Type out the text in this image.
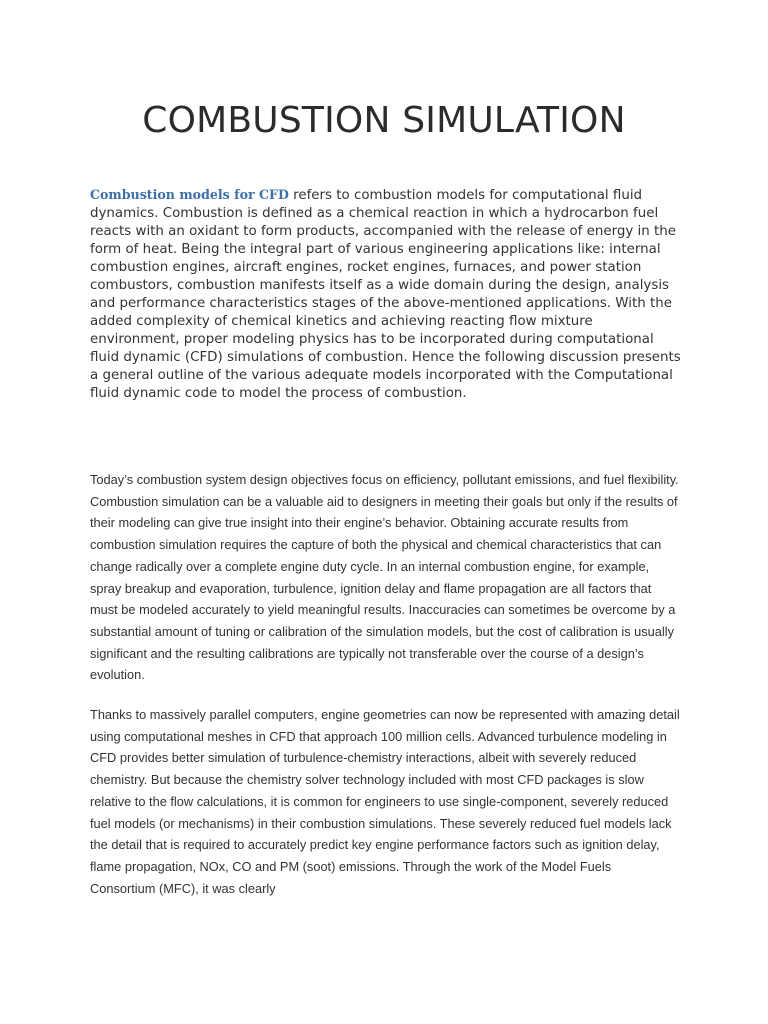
COMBUSTION SIMULATION

Combustion models for CFD refers to combustion models for computational fluid dynamics. Combustion is defined as a chemical reaction in which a hydrocarbon fuel reacts with an oxidant to form products, accompanied with the release of energy in the form of heat. Being the integral part of various engineering applications like: internal combustion engines, aircraft engines, rocket engines, furnaces, and power station combustors, combustion manifests itself as a wide domain during the design, analysis and performance characteristics stages of the above-mentioned applications. With the added complexity of chemical kinetics and achieving reacting flow mixture environment, proper modeling physics has to be incorporated during computational fluid dynamic (CFD) simulations of combustion. Hence the following discussion presents a general outline of the various adequate models incorporated with the Computational fluid dynamic code to model the process of combustion.

Today’s combustion system design objectives focus on efficiency, pollutant emissions, and fuel flexibility. Combustion simulation can be a valuable aid to designers in meeting their goals but only if the results of their modeling can give true insight into their engine’s behavior. Obtaining accurate results from combustion simulation requires the capture of both the physical and chemical characteristics that can change radically over a complete engine duty cycle. In an internal combustion engine, for example, spray breakup and evaporation, turbulence, ignition delay and flame propagation are all factors that must be modeled accurately to yield meaningful results. Inaccuracies can sometimes be overcome by a substantial amount of tuning or calibration of the simulation models, but the cost of calibration is usually significant and the resulting calibrations are typically not transferable over the course of a design’s evolution.

Thanks to massively parallel computers, engine geometries can now be represented with amazing detail using computational meshes in CFD that approach 100 million cells. Advanced turbulence modeling in CFD provides better simulation of turbulence-chemistry interactions, albeit with severely reduced chemistry. But because the chemistry solver technology included with most CFD packages is slow relative to the flow calculations, it is common for engineers to use single-component, severely reduced fuel models (or mechanisms) in their combustion simulations. These severely reduced fuel models lack the detail that is required to accurately predict key engine performance factors such as ignition delay, flame propagation, NOx, CO and PM (soot) emissions. Through the work of the Model Fuels Consortium (MFC), it was clearly
